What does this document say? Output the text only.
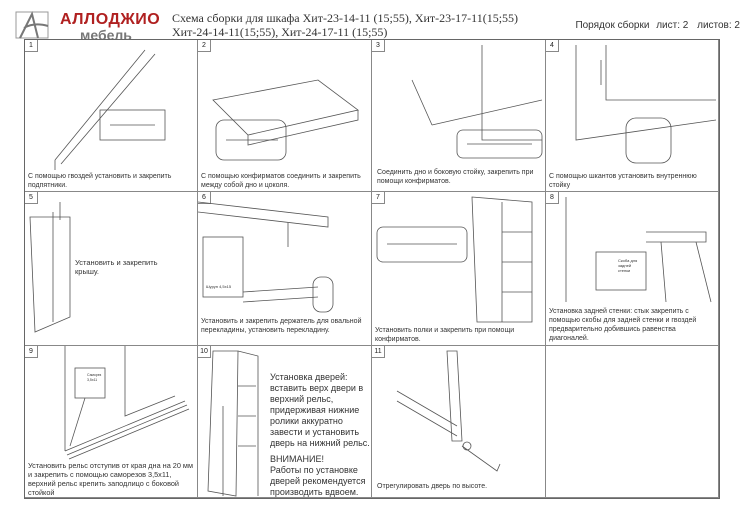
АЛЛОДЖИО
мебель
Схема сборки для шкафа Хит-23-14-11 (15;55), Хит-23-17-11(15;55)
Хит-24-14-11(15;55), Хит-24-17-11 (15;55)	Порядок сборки лист: 2 листов: 2
1
С помощью гвоздей установить и закрепить подпятники.
2
С помощью конфирматов соединить и закрепить между собой дно и цоколя.
3
Соединить дно и боковую стойку, закрепить при помощи конфирматов.
4
С помощью шкантов установить внутреннюю стойку
5
Установить и закрепить крышу.
6
Шуруп 4,5х15
Установить и закрепить держатель для овальной перекладины, установить перекладину.
7
Установить полки и закрепить при помощи конфирматов.
8
Скоба для задней стенки
Установка задней стенки: стык закрепить с помощью скобы для задней стенки и гвоздей предварительно добившись равенства диагоналей.
9
Саморез 3,5х11
Установить рельс отступив от края дна на 20 мм и закрепить с помощью саморезов 3,5х11, верхний рельс крепить заподлицо с боковой стойкой
10
Установка дверей: вставить верх двери в верхний рельс, придерживая нижние ролики аккуратно завести и установить дверь на нижний рельс.
ВНИМАНИЕ!
Работы по установке дверей рекомендуется производить вдвоем.
11
Отрегулировать дверь по высоте.
